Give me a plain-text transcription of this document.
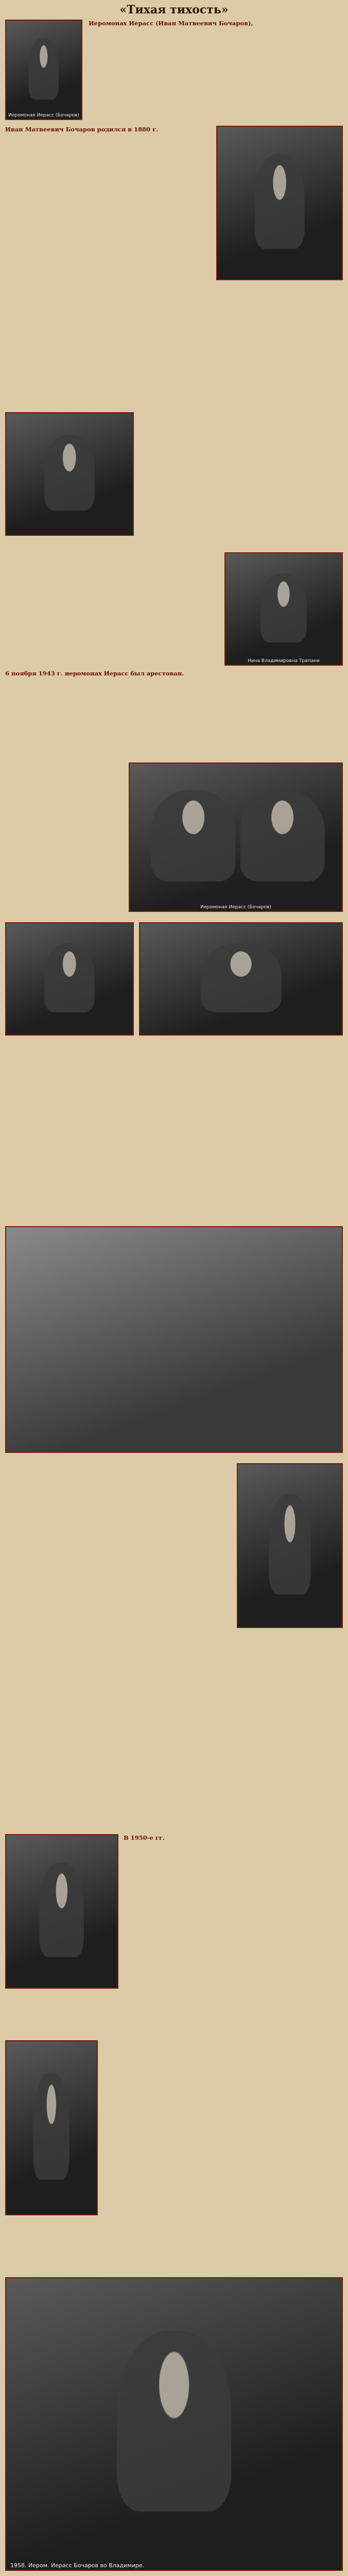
«Тихая тихость»
Иеромонах Иерасс (Бочаров)
Иеромонах Иерасс (Иван Матвеевич Бочаров),
Иван Матвеевич Бочаров родился в 1880 г.
Нина Владимировна Трапани
6 ноября 1943 г. иеромонах Иерасс был арестован.
Иеромонах Иерасс (Бочаров)
В 1950-е гг.
1958. Иером. Иерасс Бочаров во Владимире.
